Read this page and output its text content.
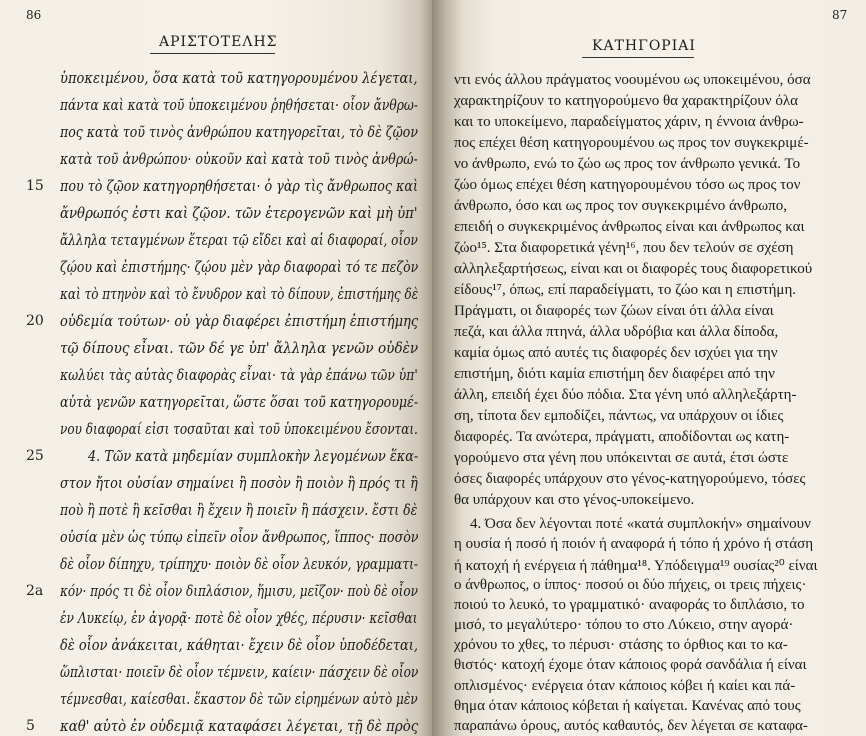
ΑΡΙΣΤΟΤΕΛΗΣ
ὑποκειμένου, ὅσα κατὰ τοῦ κατηγορουμένου λέγεται,
πάντα καὶ κατὰ τοῦ ὑποκειμένου ῥηθήσεται· οἷον ἄνθρω-
πος κατὰ τοῦ τινὸς ἀνθρώπου κατηγορεῖται, τὸ δὲ ζῷον
κατὰ τοῦ ἀνθρώπου· οὐκοῦν καὶ κατὰ τοῦ τινὸς ἀνθρώ-
που τὸ ζῷον κατηγορηθήσεται· ὁ γὰρ τὶς ἄνθρωπος καὶ
ἄνθρωπός ἐστι καὶ ζῷον. τῶν ἑτερογενῶν καὶ μὴ ὑπ'
ἄλληλα τεταγμένων ἕτεραι τῷ εἴδει καὶ αἱ διαφοραί, οἷον
ζῴου καὶ ἐπιστήμης· ζῴου μὲν γὰρ διαφοραὶ τό τε πεζὸν
καὶ τὸ πτηνὸν καὶ τὸ ἔνυδρον καὶ τὸ δίπουν, ἐπιστήμης δὲ
οὐδεμία τούτων· οὐ γὰρ διαφέρει ἐπιστήμη ἐπιστήμης
τῷ δίπους εἶναι. τῶν δέ γε ὑπ' ἄλληλα γενῶν οὐδὲν
κωλύει τὰς αὐτὰς διαφορὰς εἶναι· τὰ γὰρ ἐπάνω τῶν ὑπ'
αὐτὰ γενῶν κατηγορεῖται, ὥστε ὅσαι τοῦ κατηγορουμέ-
νου διαφοραί εἰσι τοσαῦται καὶ τοῦ ὑποκειμένου ἔσονται.
4. Τῶν κατὰ μηδεμίαν συμπλοκὴν λεγομένων ἕκα-
στον ἤτοι οὐσίαν σημαίνει ἢ ποσὸν ἢ ποιὸν ἢ πρός τι ἢ
ποὺ ἢ ποτὲ ἢ κεῖσθαι ἢ ἔχειν ἢ ποιεῖν ἢ πάσχειν. ἔστι δὲ
οὐσία μὲν ὡς τύπῳ εἰπεῖν οἷον ἄνθρωπος, ἵππος· ποσὸν
δὲ οἷον δίπηχυ, τρίπηχυ· ποιὸν δὲ οἷον λευκόν, γραμματι-
κόν· πρός τι δὲ οἷον διπλάσιον, ἥμισυ, μεῖζον· ποὺ δὲ οἷον
ἐν Λυκείῳ, ἐν ἀγορᾷ· ποτὲ δὲ οἷον χθές, πέρυσιν· κεῖσθαι
δὲ οἷον ἀνάκειται, κάθηται· ἔχειν δὲ οἷον ὑποδέδεται,
ὥπλισται· ποιεῖν δὲ οἷον τέμνειν, καίειν· πάσχειν δὲ οἷον
τέμνεσθαι, καίεσθαι. ἕκαστον δὲ τῶν εἰρημένων αὐτὸ μὲν
καθ' αὑτὸ ἐν οὐδεμιᾷ καταφάσει λέγεται, τῇ δὲ πρὸς
15
20
25
2a
5
86
ΚΑΤΗΓΟΡΙΑΙ
ντι ενός άλλου πράγματος νοουμένου ως υποκειμένου, όσα
χαρακτηρίζουν το κατηγορούμενο θα χαρακτηρίζουν όλα
και το υποκείμενο, παραδείγματος χάριν, η έννοια άνθρω-
πος επέχει θέση κατηγορουμένου ως προς τον συγκεκριμέ-
νο άνθρωπο, ενώ το ζώο ως προς τον άνθρωπο γενικά. Το
ζώο όμως επέχει θέση κατηγορουμένου τόσο ως προς τον
άνθρωπο, όσο και ως προς τον συγκεκριμένο άνθρωπο,
επειδή ο συγκεκριμένος άνθρωπος είναι και άνθρωπος και
ζώο¹⁵. Στα διαφορετικά γένη¹⁶, που δεν τελούν σε σχέση
αλληλεξαρτήσεως, είναι και οι διαφορές τους διαφορετικού
είδους¹⁷, όπως, επί παραδείγματι, το ζώο και η επιστήμη.
Πράγματι, οι διαφορές των ζώων είναι ότι άλλα είναι
πεζά, και άλλα πτηνά, άλλα υδρόβια και άλλα δίποδα,
καμία όμως από αυτές τις διαφορές δεν ισχύει για την
επιστήμη, διότι καμία επιστήμη δεν διαφέρει από την
άλλη, επειδή έχει δύο πόδια. Στα γένη υπό αλληλεξάρτη-
ση, τίποτα δεν εμποδίζει, πάντως, να υπάρχουν οι ίδιες
διαφορές. Τα ανώτερα, πράγματι, αποδίδονται ως κατη-
γορούμενο στα γένη που υπόκεινται σε αυτά, έτσι ώστε
όσες διαφορές υπάρχουν στο γένος-κατηγορούμενο, τόσες
θα υπάρχουν και στο γένος-υποκείμενο.
4. Όσα δεν λέγονται ποτέ «κατά συμπλοκήν» σημαίνουν
η ουσία ή ποσό ή ποιόν ή αναφορά ή τόπο ή χρόνο ή στάση
ή κατοχή ή ενέργεια ή πάθημα¹⁸. Υπόδειγμα¹⁹ ουσίας²⁰ είναι
ο άνθρωπος, ο ίππος· ποσού οι δύο πήχεις, οι τρεις πήχεις·
ποιού το λευκό, το γραμματικό· αναφοράς το διπλάσιο, το
μισό, το μεγαλύτερο· τόπου το στο Λύκειο, στην αγορά·
χρόνου το χθες, το πέρυσι· στάσης το όρθιος και το κα-
θιστός· κατοχή έχομε όταν κάποιος φορά σανδάλια ή είναι
οπλισμένος· ενέργεια όταν κάποιος κόβει ή καίει και πά-
θημα όταν κάποιος κόβεται ή καίγεται. Κανένας από τους
παραπάνω όρους, αυτός καθαυτός, δεν λέγεται σε καταφα-
87
